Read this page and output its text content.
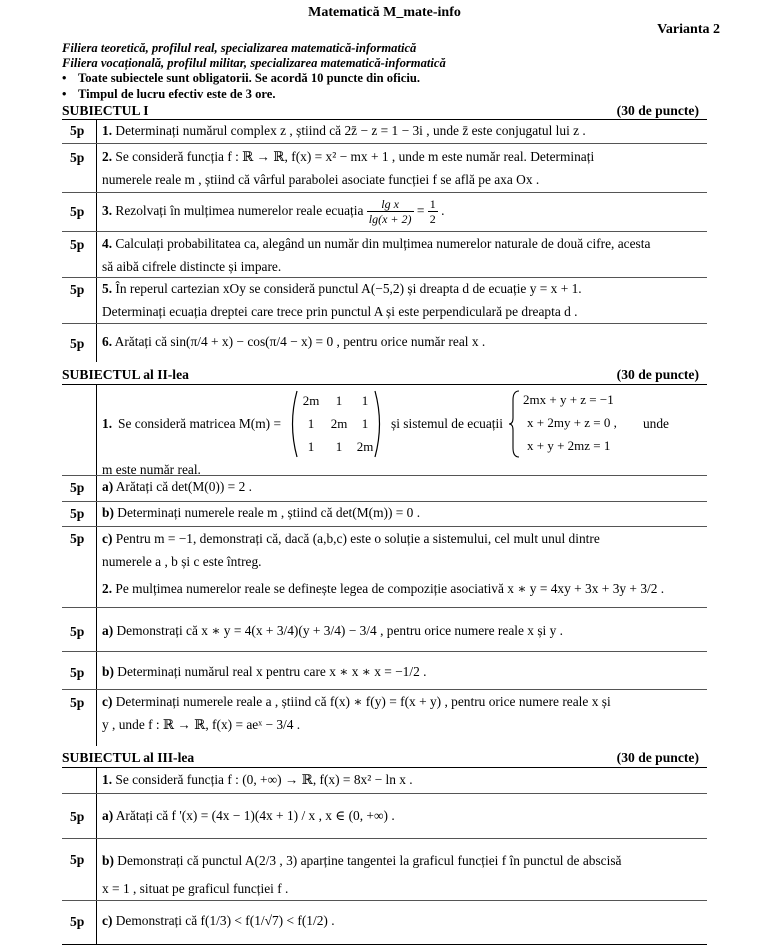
Matematică M_mate-info
Varianta 2
Filiera teoretică, profilul real, specializarea matematică-informatică
Filiera vocațională, profilul militar, specializarea matematică-informatică
• Toate subiectele sunt obligatorii. Se acordă 10 puncte din oficiu.
• Timpul de lucru efectiv este de 3 ore.
SUBIECTUL I	(30 de puncte)
5p 1. Determinați numărul complex z , știind că 2z̄ − z = 1 − 3i , unde z̄ este conjugatul lui z .
5p 2. Se consideră funcția f : ℝ → ℝ, f(x) = x² − mx + 1 , unde m este număr real. Determinați
numerele reale m , știind că vârful parabolei asociate funcției f se află pe axa Ox .
5p 3. Rezolvați în mulțimea numerelor reale ecuația $\frac{\text{lg x}}{\lg(x + 2)} = \frac{1}{2}$ .
5p 4. Calculați probabilitatea ca, alegând un număr din mulțimea numerelor naturale de două cifre, acesta
să aibă cifrele distincte și impare.
5p 5. În reperul cartezian xOy se consideră punctul A(−5,2) și dreapta d de ecuație y = x + 1.
Determinați ecuația dreptei care trece prin punctul A și este perpendiculară pe dreapta d .
5p 6. Arătați că sin(π/4 + x) − cos(π/4 − x) = 0 , pentru orice număr real x .
SUBIECTUL al II-lea	(30 de puncte)
1. Se consideră matricea M(m) =
2m 1 1
1 2m 1
1 1 2m
și sistemul de ecuații
2mx + y + z = −1
x + 2my + z = 0 ,
x + y + 2mz = 1
unde
m este număr real.
5p a) Arătați că det(M(0)) = 2 .
5p b) Determinați numerele reale m , știind că det(M(m)) = 0 .
5p c) Pentru m = −1, demonstrați că, dacă (a,b,c) este o soluție a sistemului, cel mult unul dintre
numerele a , b și c este întreg.
2. Pe mulțimea numerelor reale se definește legea de compoziție asociativă x ∗ y = 4xy + 3x + 3y + 3/2 .
5p a) Demonstrați că x ∗ y = 4(x + 3/4)(y + 3/4) − 3/4 , pentru orice numere reale x și y .
5p b) Determinați numărul real x pentru care x ∗ x ∗ x = −1/2 .
5p c) Determinați numerele reale a , știind că f(x) ∗ f(y) = f(x + y) , pentru orice numere reale x și
y , unde f : ℝ → ℝ, f(x) = aeˣ − 3/4 .
SUBIECTUL al III-lea	(30 de puncte)
1. Se consideră funcția f : (0, +∞) → ℝ, f(x) = 8x² − ln x .
5p a) Arătați că f '(x) = (4x − 1)(4x + 1) / x , x ∈ (0, +∞) .
5p b) Demonstrați că punctul A(2/3 , 3) aparține tangentei la graficul funcției f în punctul de abscisă
x = 1 , situat pe graficul funcției f .
5p c) Demonstrați că f(1/3) < f(1/√7) < f(1/2) .
